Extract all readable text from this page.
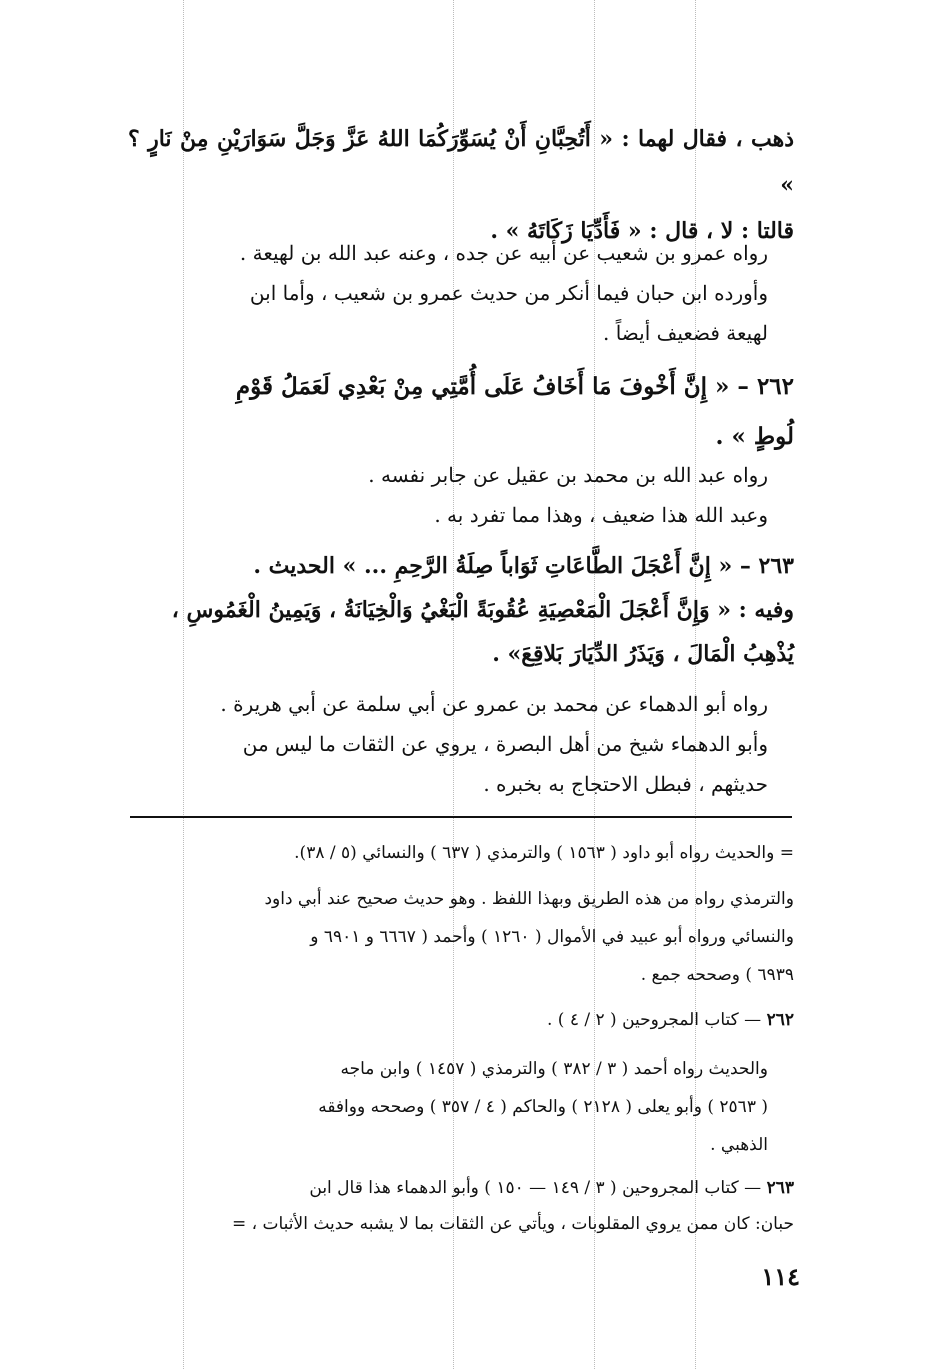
ذهب ، فقال لهما : « أَتُحِبَّانِ أَنْ يُسَوِّرَكُمَا اللهُ عَزَّ وَجَلَّ سَوَارَيْنِ مِنْ نَارٍ ؟ »
قالتا : لا ، قال : « فَأَدِّيَا زَكَاتَهُ » .
رواه عمرو بن شعيب عن أبيه عن جده ، وعنه عبد الله بن لهيعة .
وأورده ابن حبان فيما أنكر من حديث عمرو بن شعيب ، وأما ابن
لهيعة فضعيف أيضاً .
٢٦٢ – « إِنَّ أَخْوفَ مَا أَخَافُ عَلَى أُمَّتِي مِنْ بَعْدِي لَعَمَلُ قَوْمِ
لُوطٍ » .
رواه عبد الله بن محمد بن عقيل عن جابر نفسه .
وعبد الله هذا ضعيف ، وهذا مما تفرد به .
٢٦٣ – « إِنَّ أَعْجَلَ الطَّاعَاتِ ثَوَاباً صِلَةُ الرَّحِمِ ... » الحديث .
وفيه : « وَإِنَّ أَعْجَلَ الْمَعْصِيَةِ عُقُوبَةً الْبَغْيُ وَالْخِيَانَةُ ، وَيَمِينُ الْغَمُوسِ ،
يُذْهِبُ الْمَالَ ، وَيَذَرُ الدِّيَارَ بَلاقِعَ» .
رواه أبو الدهماء عن محمد بن عمرو عن أبي سلمة عن أبي هريرة .
وأبو الدهماء شيخ من أهل البصرة ، يروي عن الثقات ما ليس من
حديثهم ، فبطل الاحتجاج به بخبره .
= والحديث رواه أبو داود ( ١٥٦٣ ) والترمذي ( ٦٣٧ ) والنسائي (٥ / ٣٨).
والترمذي رواه من هذه الطريق وبهذا اللفظ . وهو حديث صحيح عند أبي داود
والنسائي ورواه أبو عبيد في الأموال ( ١٢٦٠ ) وأحمد ( ٦٦٦٧ و ٦٩٠١ و
٦٩٣٩ ) وصححه جمع .
٢٦٢ — كتاب المجروحين ( ٢ / ٤ ) .
والحديث رواه أحمد ( ٣ / ٣٨٢ ) والترمذي ( ١٤٥٧ ) وابن ماجه
( ٢٥٦٣ ) وأبو يعلى ( ٢١٢٨ ) والحاكم ( ٤ / ٣٥٧ ) وصححه ووافقه
الذهبي .
٢٦٣ — كتاب المجروحين ( ٣ / ١٤٩ — ١٥٠ ) وأبو الدهماء هذا قال ابن
حبان: كان ممن يروي المقلوبات ، ويأتي عن الثقات بما لا يشبه حديث الأثبات ، =
١١٤
